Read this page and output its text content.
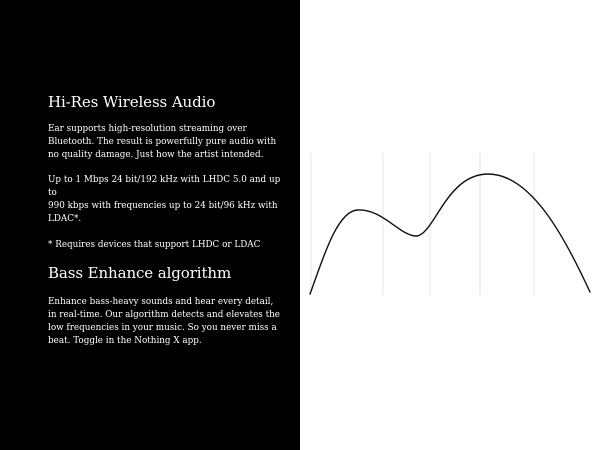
Hi-Res Wireless Audio

Ear supports high-resolution streaming over
Bluetooth. The result is powerfully pure audio with
no quality damage. Just how the artist intended.

Up to 1 Mbps 24 bit/192 kHz with LHDC 5.0 and up to
990 kbps with frequencies up to 24 bit/96 kHz with
LDAC*.

* Requires devices that support LHDC or LDAC

Bass Enhance algorithm

Enhance bass-heavy sounds and hear every detail,
in real-time. Our algorithm detects and elevates the
low frequencies in your music. So you never miss a
beat. Toggle in the Nothing X app.
